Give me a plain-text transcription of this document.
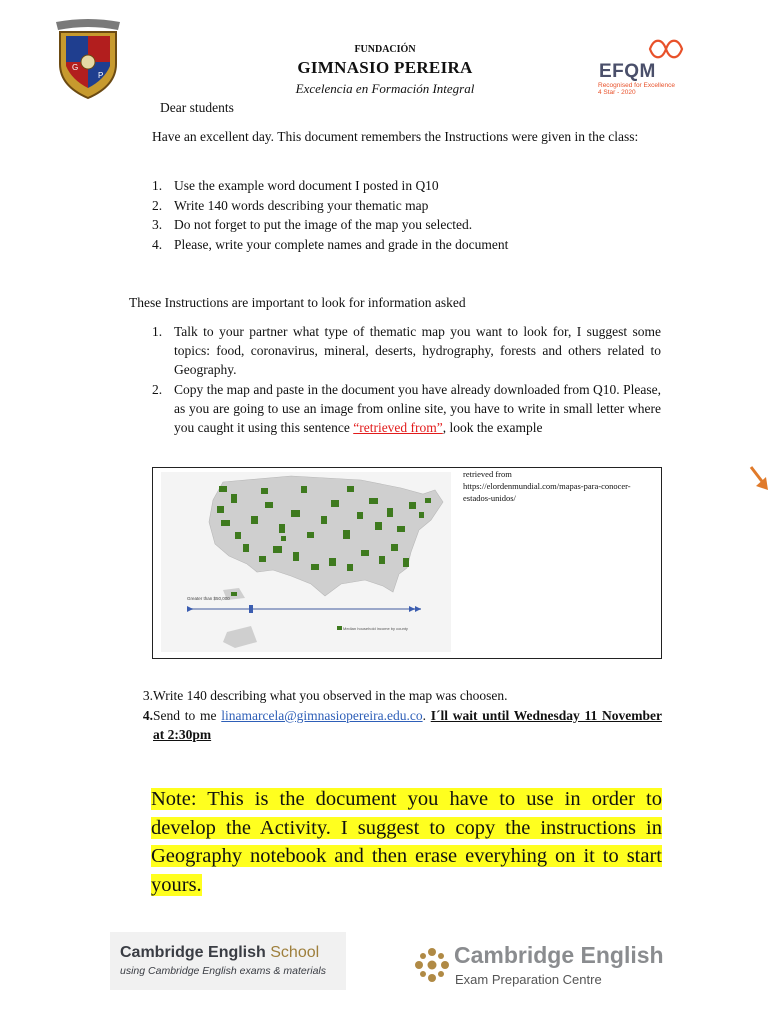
G
P
FUNDACIÓN
GIMNASIO PEREIRA
Excelencia en Formación Integral
EFQM
Recognised for Excellence
4 Star - 2020
Dear students
Have an excellent day. This document remembers the Instructions were given in the class:
1. Use the example word document I posted in Q10
2. Write 140 words describing your thematic map
3. Do not forget to put the image of the map you selected.
4. Please, write your complete names and grade in the document
These Instructions are important to look for information asked
1. Talk to your partner what type of thematic map you want to look for, I suggest some topics: food, coronavirus, mineral, deserts, hydrography, forests and others related to Geography.
2. Copy the map and paste in the document you have already downloaded from Q10. Please, as you are going to use an image from online site, you have to write in small letter where you caught it using this sentence “retrieved from”, look the example
Median household income by county
Greater than $50,000
retrieved from
https://elordenmundial.com/mapas-para-conocer-estados-unidos/
3. Write 140 describing what you observed in the map was choosen.
4. Send to me linamarcela@gimnasiopereira.edu.co. I´ll wait until Wednesday 11 November at 2:30pm
Note: This is the document you have to use in order to develop the Activity. I suggest to copy the instructions in Geography notebook and then erase everyhing on it to start yours.
Cambridge English School
using Cambridge English exams & materials
Cambridge English
Exam Preparation Centre
